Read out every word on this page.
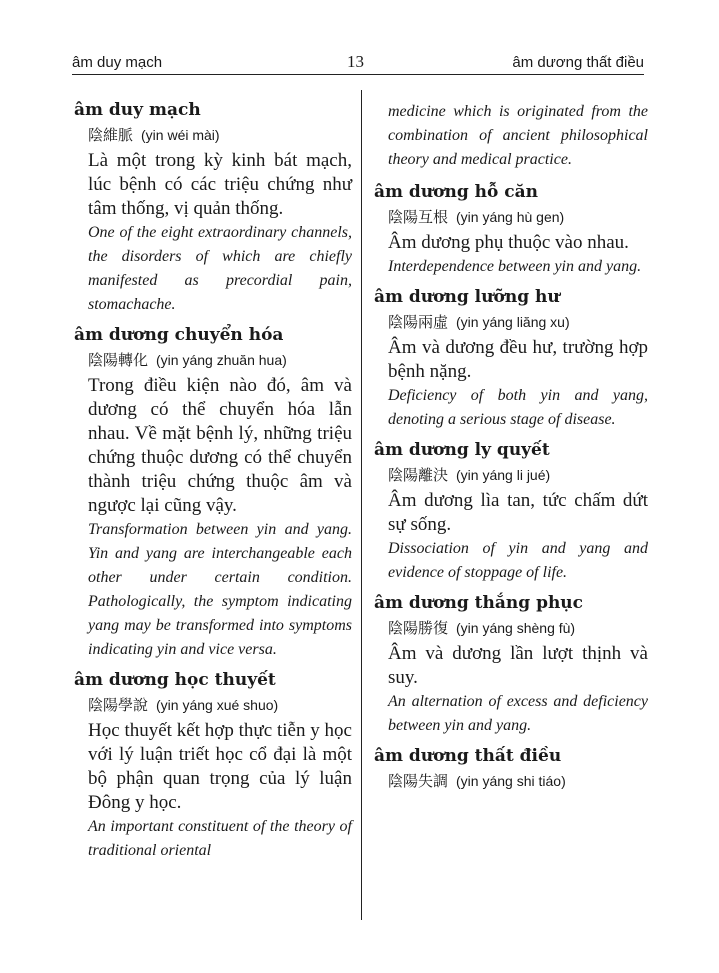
âm duy mạch	13	âm dương thất điều
âm duy mạch
陰維脈 (yin wéi mài)
Là một trong kỳ kinh bát mạch, lúc bệnh có các triệu chứng như tâm thống, vị quản thống.
One of the eight extraordinary channels, the disorders of which are chiefly manifested as precordial pain, stomachache.
âm dương chuyển hóa
陰陽轉化 (yin yáng zhuăn hua)
Trong điều kiện nào đó, âm và dương có thể chuyển hóa lẫn nhau. Về mặt bệnh lý, những triệu chứng thuộc dương có thể chuyển thành triệu chứng thuộc âm và ngược lại cũng vậy.
Transformation between yin and yang. Yin and yang are interchangeable each other under certain condition. Pathologically, the symptom indicating yang may be transformed into symptoms indicating yin and vice versa.
âm dương học thuyết
陰陽學說 (yin yáng xué shuo)
Học thuyết kết hợp thực tiễn y học với lý luận triết học cổ đại là một bộ phận quan trọng của lý luận Đông y học.
An important constituent of the theory of traditional oriental
medicine which is originated from the combination of ancient philosophical theory and medical practice.
âm dương hỗ căn
陰陽互根 (yin yáng hù gen)
Âm dương phụ thuộc vào nhau.
Interdependence between yin and yang.
âm dương lưỡng hư
陰陽兩虛 (yin yáng liăng xu)
Âm và dương đều hư, trường hợp bệnh nặng.
Deficiency of both yin and yang, denoting a serious stage of disease.
âm dương ly quyết
陰陽離決 (yin yáng li jué)
Âm dương lìa tan, tức chấm dứt sự sống.
Dissociation of yin and yang and evidence of stoppage of life.
âm dương thắng phục
陰陽勝復 (yin yáng shèng fù)
Âm và dương lần lượt thịnh và suy.
An alternation of excess and deficiency between yin and yang.
âm dương thất điều
陰陽失調 (yin yáng shi tiáo)
